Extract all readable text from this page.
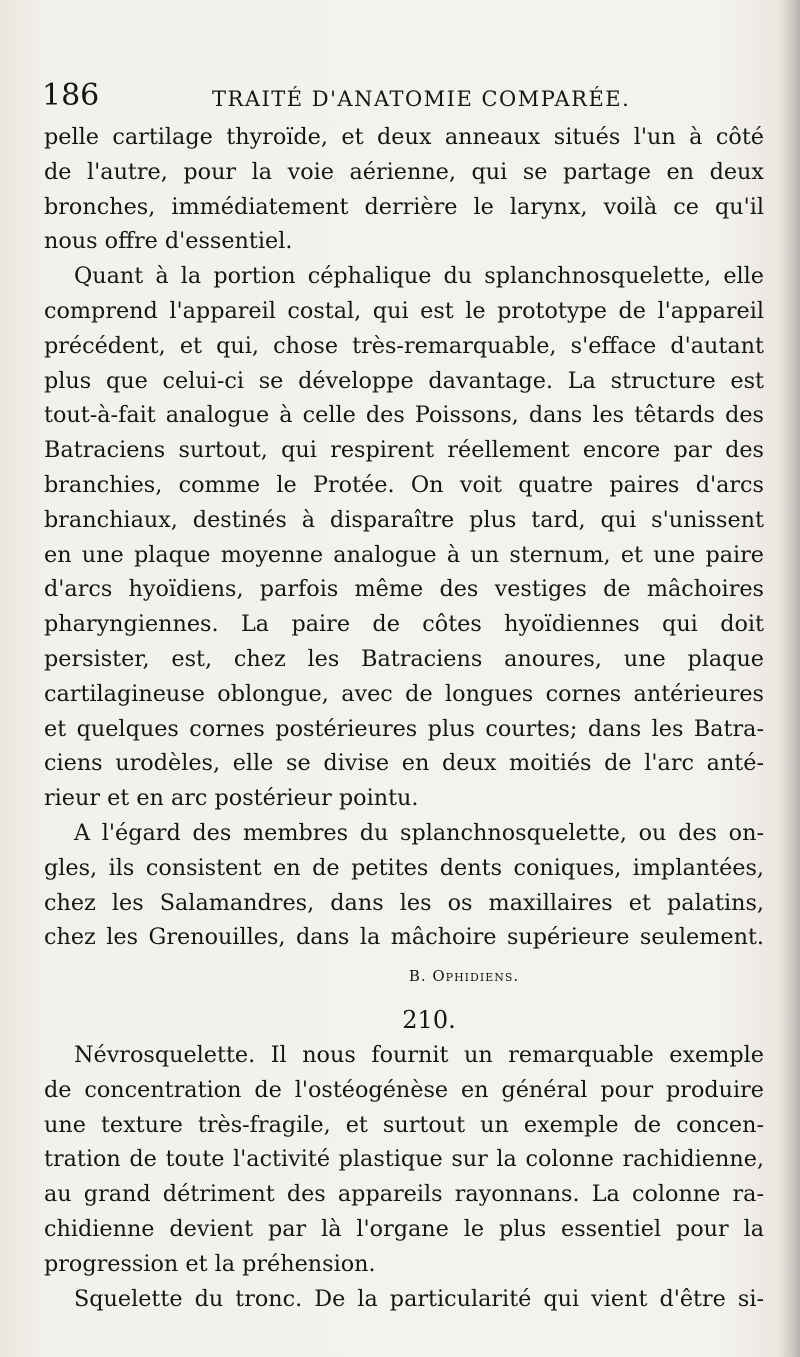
186	TRAITÉ D'ANATOMIE COMPARÉE.
pelle cartilage thyroïde, et deux anneaux situés l'un à côté
de l'autre, pour la voie aérienne, qui se partage en deux
bronches, immédiatement derrière le larynx, voilà ce qu'il
nous offre d'essentiel.
Quant à la portion céphalique du splanchnosquelette, elle
comprend l'appareil costal, qui est le prototype de l'appareil
précédent, et qui, chose très-remarquable, s'efface d'autant
plus que celui-ci se développe davantage. La structure est
tout-à-fait analogue à celle des Poissons, dans les têtards des
Batraciens surtout, qui respirent réellement encore par des
branchies, comme le Protée. On voit quatre paires d'arcs
branchiaux, destinés à disparaître plus tard, qui s'unissent
en une plaque moyenne analogue à un sternum, et une paire
d'arcs hyoïdiens, parfois même des vestiges de mâchoires
pharyngiennes. La paire de côtes hyoïdiennes qui doit
persister, est, chez les Batraciens anoures, une plaque
cartilagineuse oblongue, avec de longues cornes antérieures
et quelques cornes postérieures plus courtes; dans les Batra-
ciens urodèles, elle se divise en deux moitiés de l'arc anté-
rieur et en arc postérieur pointu.
A l'égard des membres du splanchnosquelette, ou des on-
gles, ils consistent en de petites dents coniques, implantées,
chez les Salamandres, dans les os maxillaires et palatins,
chez les Grenouilles, dans la mâchoire supérieure seulement.
B. Ophidiens.
210.
Névrosquelette. Il nous fournit un remarquable exemple
de concentration de l'ostéogénèse en général pour produire
une texture très-fragile, et surtout un exemple de concen-
tration de toute l'activité plastique sur la colonne rachidienne,
au grand détriment des appareils rayonnans. La colonne ra-
chidienne devient par là l'organe le plus essentiel pour la
progression et la préhension.
Squelette du tronc. De la particularité qui vient d'être si-
